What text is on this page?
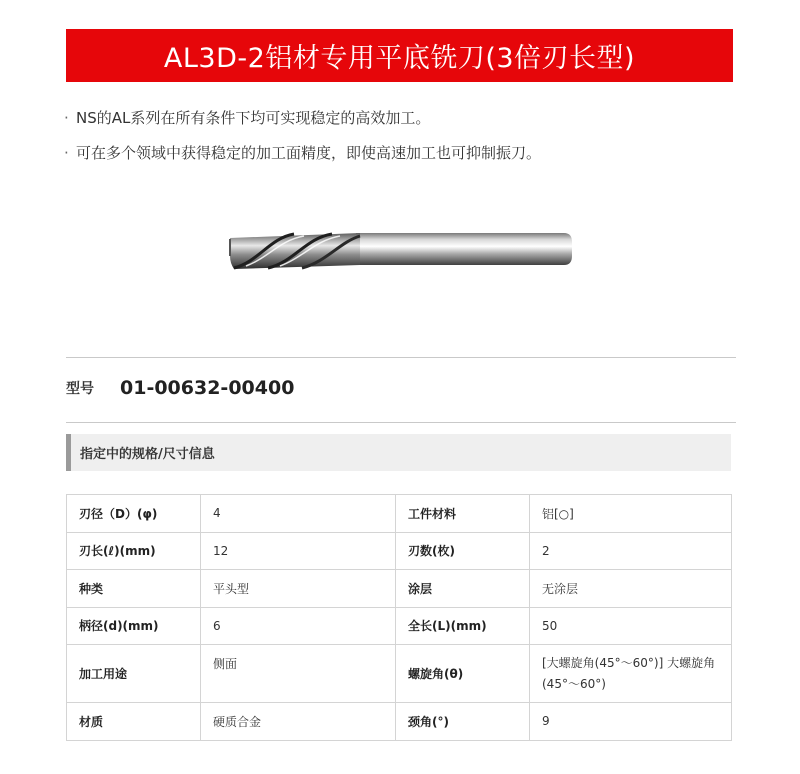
AL3D-2铝材专用平底铣刀(3倍刃长型)
· NS的AL系列在所有条件下均可实现稳定的高效加工。
· 可在多个领域中获得稳定的加工面精度，即使高速加工也可抑制振刀。
型号	01-00632-00400
指定中的规格/尺寸信息
刃径（D）(φ)	4	工件材料	铝[○]
刃长(ℓ)(mm)	12	刃数(枚)	2
种类	平头型	涂层	无涂层
柄径(d)(mm)	6	全长(L)(mm)	50
加工用途	侧面	螺旋角(θ)	[大螺旋角(45°～60°)] 大螺旋角(45°～60°)
材质	硬质合金	颈角(°)	9
